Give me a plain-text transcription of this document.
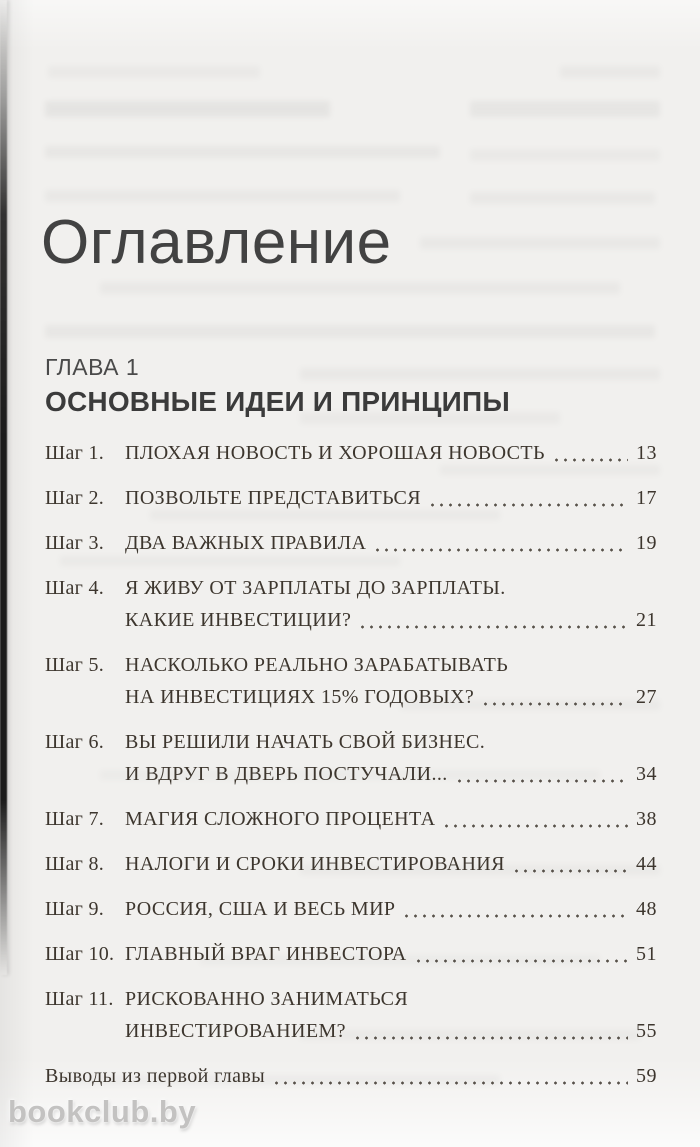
Оглавление
ГЛАВА 1
ОСНОВНЫЕ ИДЕИ И ПРИНЦИПЫ
Шаг 1.	ПЛОХАЯ НОВОСТЬ И ХОРОШАЯ НОВОСТЬ	13
Шаг 2.	ПОЗВОЛЬТЕ ПРЕДСТАВИТЬСЯ	17
Шаг 3.	ДВА ВАЖНЫХ ПРАВИЛА	19
Шаг 4.	Я ЖИВУ ОТ ЗАРПЛАТЫ ДО ЗАРПЛАТЫ.
КАКИЕ ИНВЕСТИЦИИ?	21
Шаг 5.	НАСКОЛЬКО РЕАЛЬНО ЗАРАБАТЫВАТЬ
НА ИНВЕСТИЦИЯХ 15% ГОДОВЫХ?	27
Шаг 6.	ВЫ РЕШИЛИ НАЧАТЬ СВОЙ БИЗНЕС.
И ВДРУГ В ДВЕРЬ ПОСТУЧАЛИ...	34
Шаг 7.	МАГИЯ СЛОЖНОГО ПРОЦЕНТА	38
Шаг 8.	НАЛОГИ И СРОКИ ИНВЕСТИРОВАНИЯ	44
Шаг 9.	РОССИЯ, США И ВЕСЬ МИР	48
Шаг 10. ГЛАВНЫЙ ВРАГ ИНВЕСТОРА	51
Шаг 11. РИСКОВАННО ЗАНИМАТЬСЯ
ИНВЕСТИРОВАНИЕМ?	55
Выводы из первой главы	59
bookclub.by
